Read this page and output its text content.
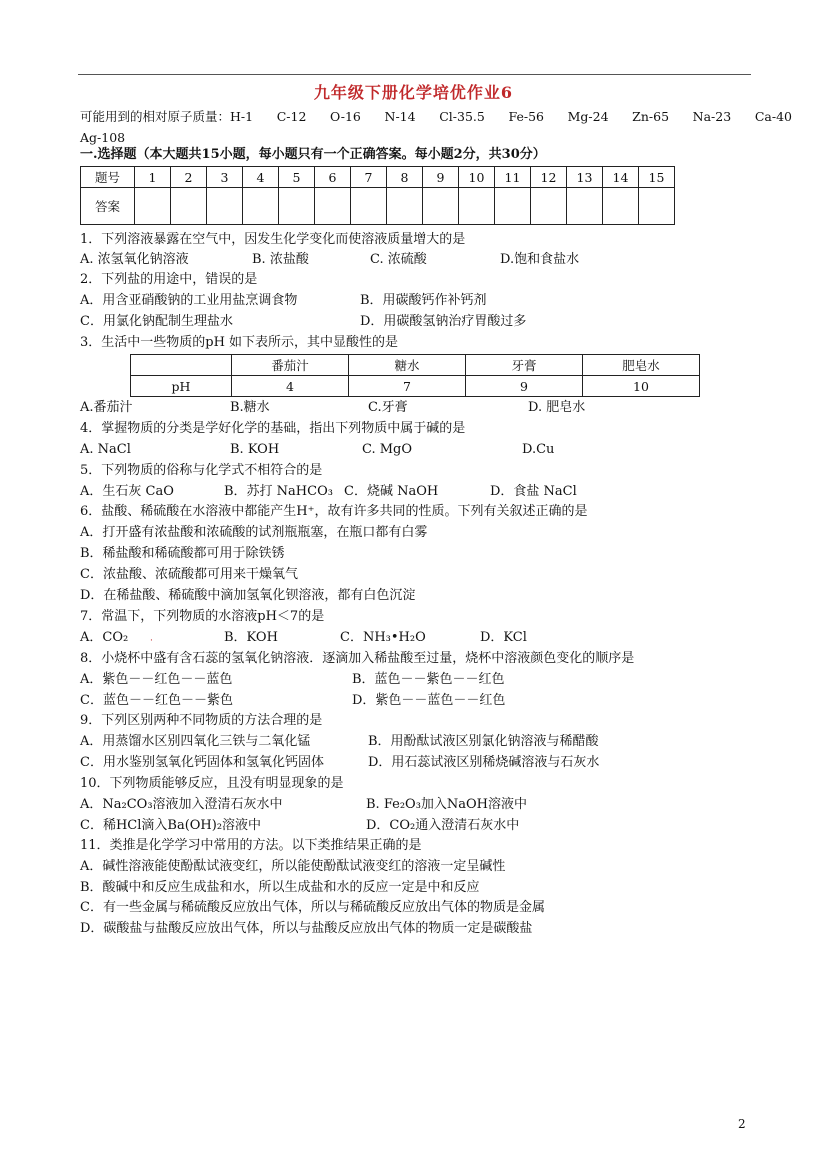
九年级下册化学培优作业6
可能用到的相对原子质量：H-1 C-12 O-16 N-14 Cl-35.5 Fe-56 Mg-24 Zn-65 Na-23 Ca-40
Ag-108
一.选择题（本大题共15小题，每小题只有一个正确答案。每小题2分，共30分）
题号	1	2	3	4	5	6	7	8	9	10	11	12	13	14	15
答案															
1．下列溶液暴露在空气中，因发生化学变化而使溶液质量增大的是
A. 浓氢氧化钠溶液	B. 浓盐酸	C. 浓硫酸	D.饱和食盐水
2．下列盐的用途中，错误的是
A．用含亚硝酸钠的工业用盐烹调食物	B．用碳酸钙作补钙剂
C．用氯化钠配制生理盐水	D．用碳酸氢钠治疗胃酸过多
3．生活中一些物质的pH 如下表所示，其中显酸性的是
	番茄汁	糖水	牙膏	肥皂水
pH	4	7	9	10
A.番茄汁	B.糖水	C.牙膏	D. 肥皂水
4．掌握物质的分类是学好化学的基础，指出下列物质中属于碱的是
A. NaCl	B. KOH	C. MgO	D.Cu
5．下列物质的俗称与化学式不相符合的是
A．生石灰 CaO	B．苏打 NaHCO₃ C．烧碱 NaOH	D．食盐 NaCl
6．盐酸、稀硫酸在水溶液中都能产生H⁺，故有许多共同的性质。下列有关叙述正确的是
A．打开盛有浓盐酸和浓硫酸的试剂瓶瓶塞，在瓶口都有白雾
B．稀盐酸和稀硫酸都可用于除铁锈
C．浓盐酸、浓硫酸都可用来干燥氧气
D．在稀盐酸、稀硫酸中滴加氢氧化钡溶液，都有白色沉淀
7．常温下，下列物质的水溶液pH＜7的是
A．CO₂	B．KOH	C．NH₃•H₂O	D．KCl
·
8．小烧杯中盛有含石蕊的氢氧化钠溶液．逐滴加入稀盐酸至过量，烧杯中溶液颜色变化的顺序是
A．紫色－－红色－－蓝色	B．蓝色－－紫色－－红色
C．蓝色－－红色－－紫色	D．紫色－－蓝色－－红色
9．下列区别两种不同物质的方法合理的是
A．用蒸馏水区别四氧化三铁与二氧化锰	B．用酚酞试液区别氯化钠溶液与稀醋酸
C．用水鉴别氢氧化钙固体和氢氧化钙固体	D．用石蕊试液区别稀烧碱溶液与石灰水
10．下列物质能够反应，且没有明显现象的是
A．Na₂CO₃溶液加入澄清石灰水中	B. Fe₂O₃加入NaOH溶液中
C．稀HCl滴入Ba(OH)₂溶液中	D．CO₂通入澄清石灰水中
11．类推是化学学习中常用的方法。以下类推结果正确的是
A．碱性溶液能使酚酞试液变红，所以能使酚酞试液变红的溶液一定呈碱性
B．酸碱中和反应生成盐和水，所以生成盐和水的反应一定是中和反应
C．有一些金属与稀硫酸反应放出气体，所以与稀硫酸反应放出气体的物质是金属
D．碳酸盐与盐酸反应放出气体，所以与盐酸反应放出气体的物质一定是碳酸盐
2
